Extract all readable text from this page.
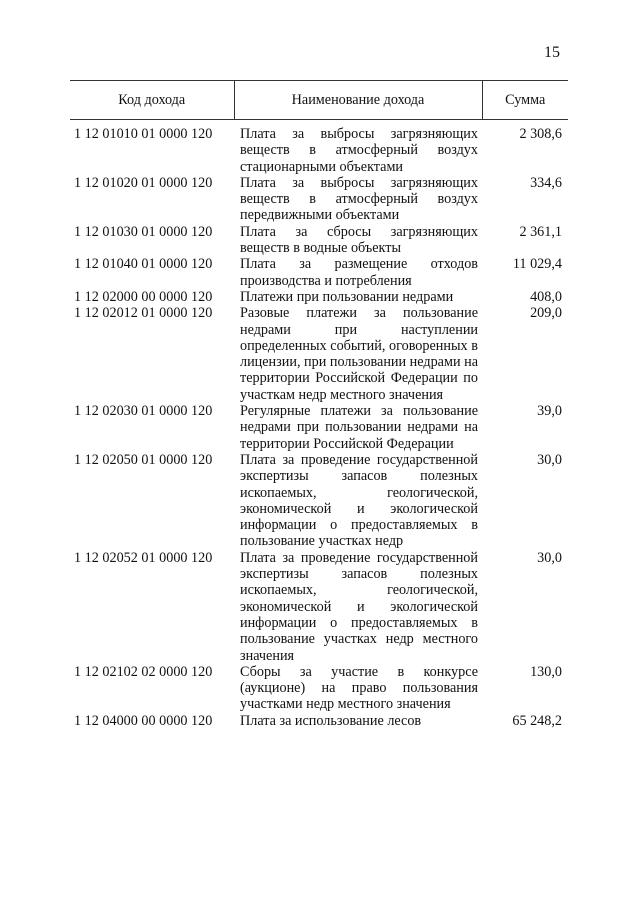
15
Код дохода	Наименование дохода	Сумма
1 12 01010 01 0000 120	Плата за выбросы загрязняющих веществ в атмосферный воздух стационарными объектами	2 308,6
1 12 01020 01 0000 120	Плата за выбросы загрязняющих веществ в атмосферный воздух передвижными объектами	334,6
1 12 01030 01 0000 120	Плата за сбросы загрязняющих веществ в водные объекты	2 361,1
1 12 01040 01 0000 120	Плата за размещение отходов производства и потребления	11 029,4
1 12 02000 00 0000 120	Платежи при пользовании недрами	408,0
1 12 02012 01 0000 120	Разовые платежи за пользование недрами при наступлении определенных событий, оговоренных в лицензии, при пользовании недрами на территории Российской Федерации по участкам недр местного значения	209,0
1 12 02030 01 0000 120	Регулярные платежи за пользование недрами при пользовании недрами на территории Российской Федерации	39,0
1 12 02050 01 0000 120	Плата за проведение государственной экспертизы запасов полезных ископаемых, геологической, экономической и экологической информации о предоставляемых в пользование участках недр	30,0
1 12 02052 01 0000 120	Плата за проведение государственной экспертизы запасов полезных ископаемых, геологической, экономической и экологической информации о предоставляемых в пользование участках недр местного значения	30,0
1 12 02102 02 0000 120	Сборы за участие в конкурсе (аукционе) на право пользования участками недр местного значения	130,0
1 12 04000 00 0000 120	Плата за использование лесов	65 248,2
